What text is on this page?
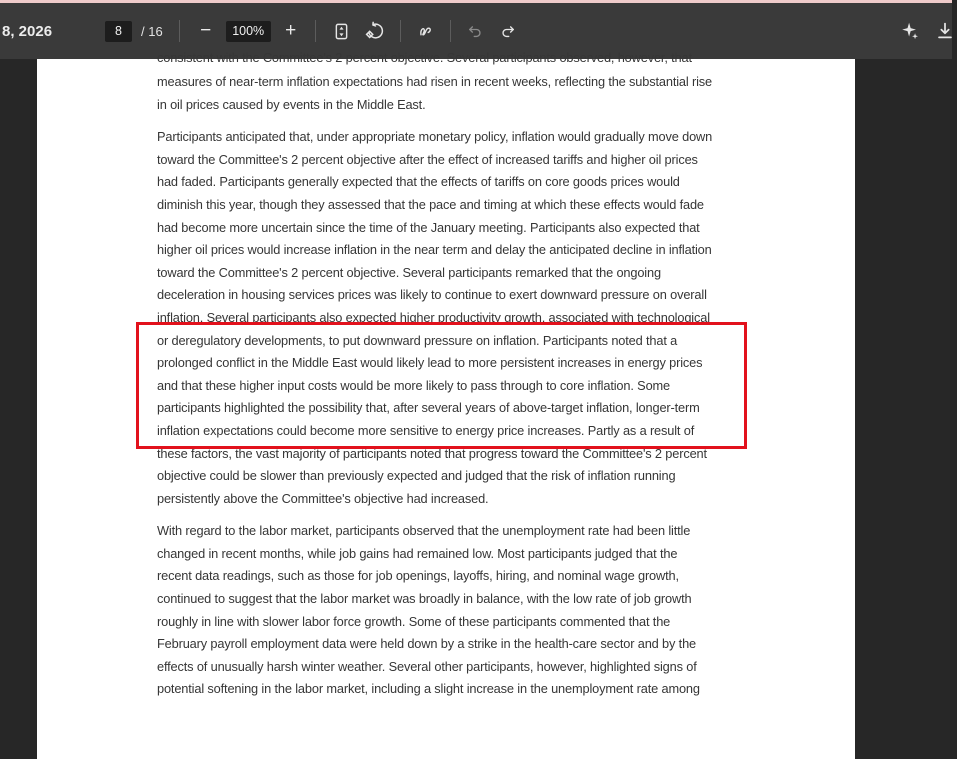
8, 2026	8	/ 16	−	100%	+
consistent with the Committee's 2 percent objective. Several participants observed, however, that
measures of near-term inflation expectations had risen in recent weeks, reflecting the substantial rise
in oil prices caused by events in the Middle East.
Participants anticipated that, under appropriate monetary policy, inflation would gradually move down
toward the Committee's 2 percent objective after the effect of increased tariffs and higher oil prices
had faded. Participants generally expected that the effects of tariffs on core goods prices would
diminish this year, though they assessed that the pace and timing at which these effects would fade
had become more uncertain since the time of the January meeting. Participants also expected that
higher oil prices would increase inflation in the near term and delay the anticipated decline in inflation
toward the Committee's 2 percent objective. Several participants remarked that the ongoing
deceleration in housing services prices was likely to continue to exert downward pressure on overall
inflation. Several participants also expected higher productivity growth, associated with technological
or deregulatory developments, to put downward pressure on inflation. Participants noted that a
prolonged conflict in the Middle East would likely lead to more persistent increases in energy prices
and that these higher input costs would be more likely to pass through to core inflation. Some
participants highlighted the possibility that, after several years of above-target inflation, longer-term
inflation expectations could become more sensitive to energy price increases. Partly as a result of
these factors, the vast majority of participants noted that progress toward the Committee's 2 percent
objective could be slower than previously expected and judged that the risk of inflation running
persistently above the Committee's objective had increased.
With regard to the labor market, participants observed that the unemployment rate had been little
changed in recent months, while job gains had remained low. Most participants judged that the
recent data readings, such as those for job openings, layoffs, hiring, and nominal wage growth,
continued to suggest that the labor market was broadly in balance, with the low rate of job growth
roughly in line with slower labor force growth. Some of these participants commented that the
February payroll employment data were held down by a strike in the health-care sector and by the
effects of unusually harsh winter weather. Several other participants, however, highlighted signs of
potential softening in the labor market, including a slight increase in the unemployment rate among
